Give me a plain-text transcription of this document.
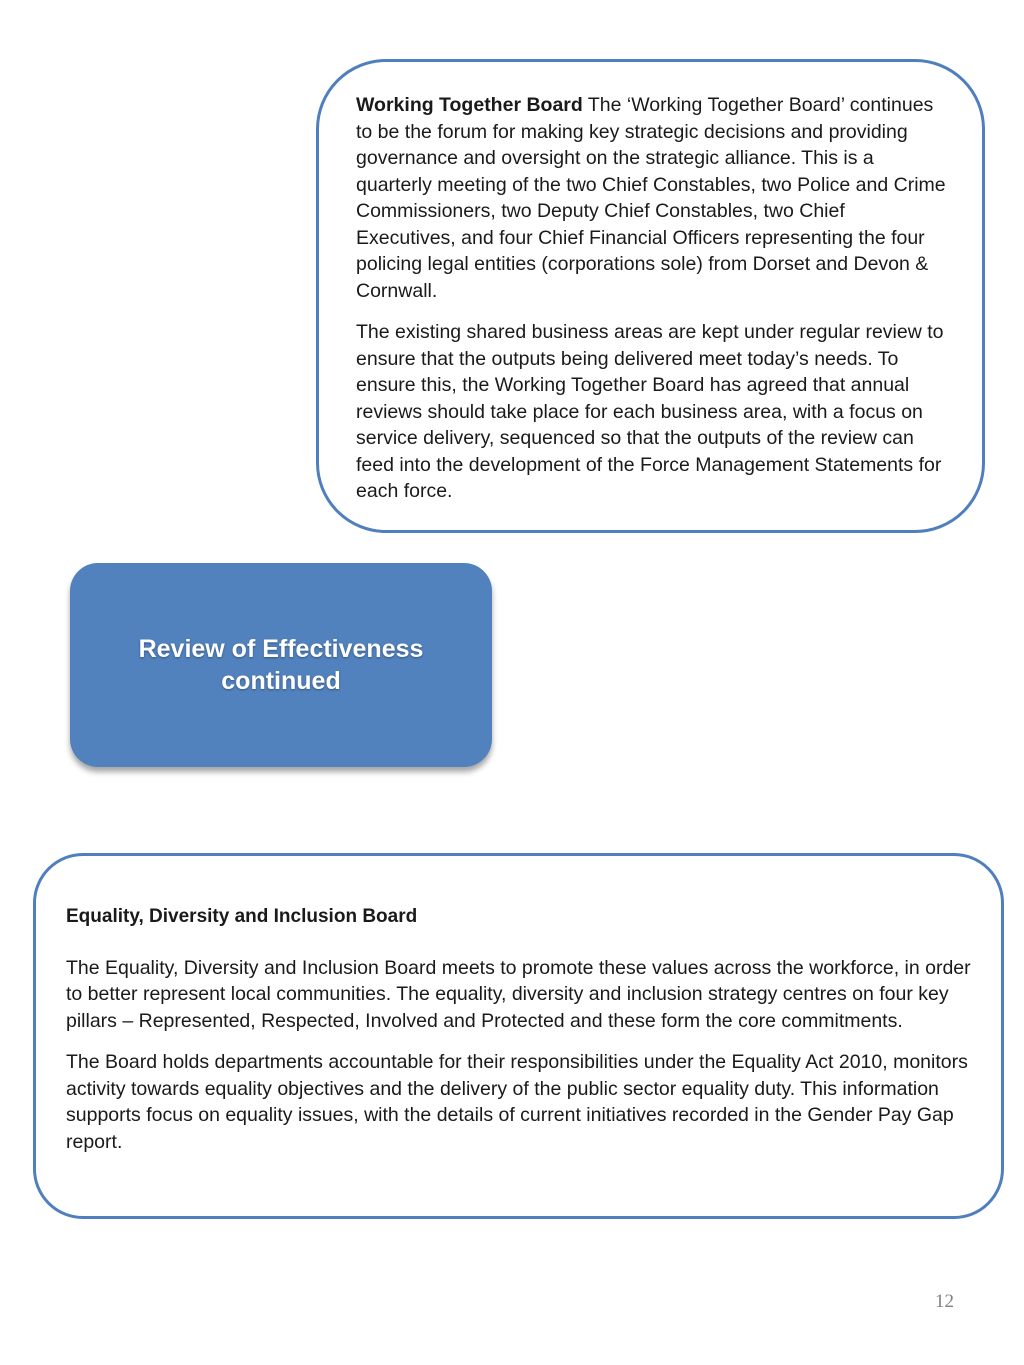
Working Together Board The ‘Working Together Board’ continues to be the forum for making key strategic decisions and providing governance and oversight on the strategic alliance. This is a quarterly meeting of the two Chief Constables, two Police and Crime Commissioners, two Deputy Chief Constables, two Chief Executives, and four Chief Financial Officers representing the four policing legal entities (corporations sole) from Dorset and Devon & Cornwall.

The existing shared business areas are kept under regular review to ensure that the outputs being delivered meet today’s needs. To ensure this, the Working Together Board has agreed that annual reviews should take place for each business area, with a focus on service delivery, sequenced so that the outputs of the review can feed into the development of the Force Management Statements for each force.

Review of Effectiveness
continued

Equality, Diversity and Inclusion Board

The Equality, Diversity and Inclusion Board meets to promote these values across the workforce, in order to better represent local communities. The equality, diversity and inclusion strategy centres on four key pillars – Represented, Respected, Involved and Protected and these form the core commitments.

The Board holds departments accountable for their responsibilities under the Equality Act 2010, monitors activity towards equality objectives and the delivery of the public sector equality duty. This information supports focus on equality issues, with the details of current initiatives recorded in the Gender Pay Gap report.

12
